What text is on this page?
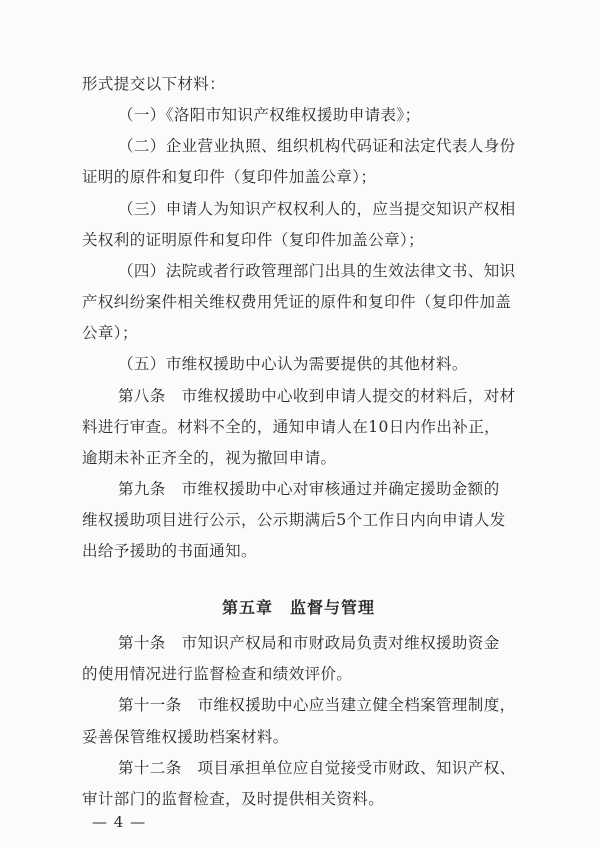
形式提交以下材料：
（一）《洛阳市知识产权维权援助申请表》；
（二）企业营业执照、组织机构代码证和法定代表人身份
证明的原件和复印件（复印件加盖公章）；
（三）申请人为知识产权权利人的，应当提交知识产权相
关权利的证明原件和复印件（复印件加盖公章）；
（四）法院或者行政管理部门出具的生效法律文书、知识
产权纠纷案件相关维权费用凭证的原件和复印件（复印件加盖
公章）；
（五）市维权援助中心认为需要提供的其他材料。
第八条　市维权援助中心收到申请人提交的材料后，对材
料进行审查。材料不全的，通知申请人在10日内作出补正，
逾期未补正齐全的，视为撤回申请。
第九条　市维权援助中心对审核通过并确定援助金额的
维权援助项目进行公示，公示期满后5个工作日内向申请人发
出给予援助的书面通知。
第五章　监督与管理
第十条　市知识产权局和市财政局负责对维权援助资金
的使用情况进行监督检查和绩效评价。
第十一条　市维权援助中心应当建立健全档案管理制度，
妥善保管维权援助档案材料。
第十二条　项目承担单位应自觉接受市财政、知识产权、
审计部门的监督检查，及时提供相关资料。
— 4 —
